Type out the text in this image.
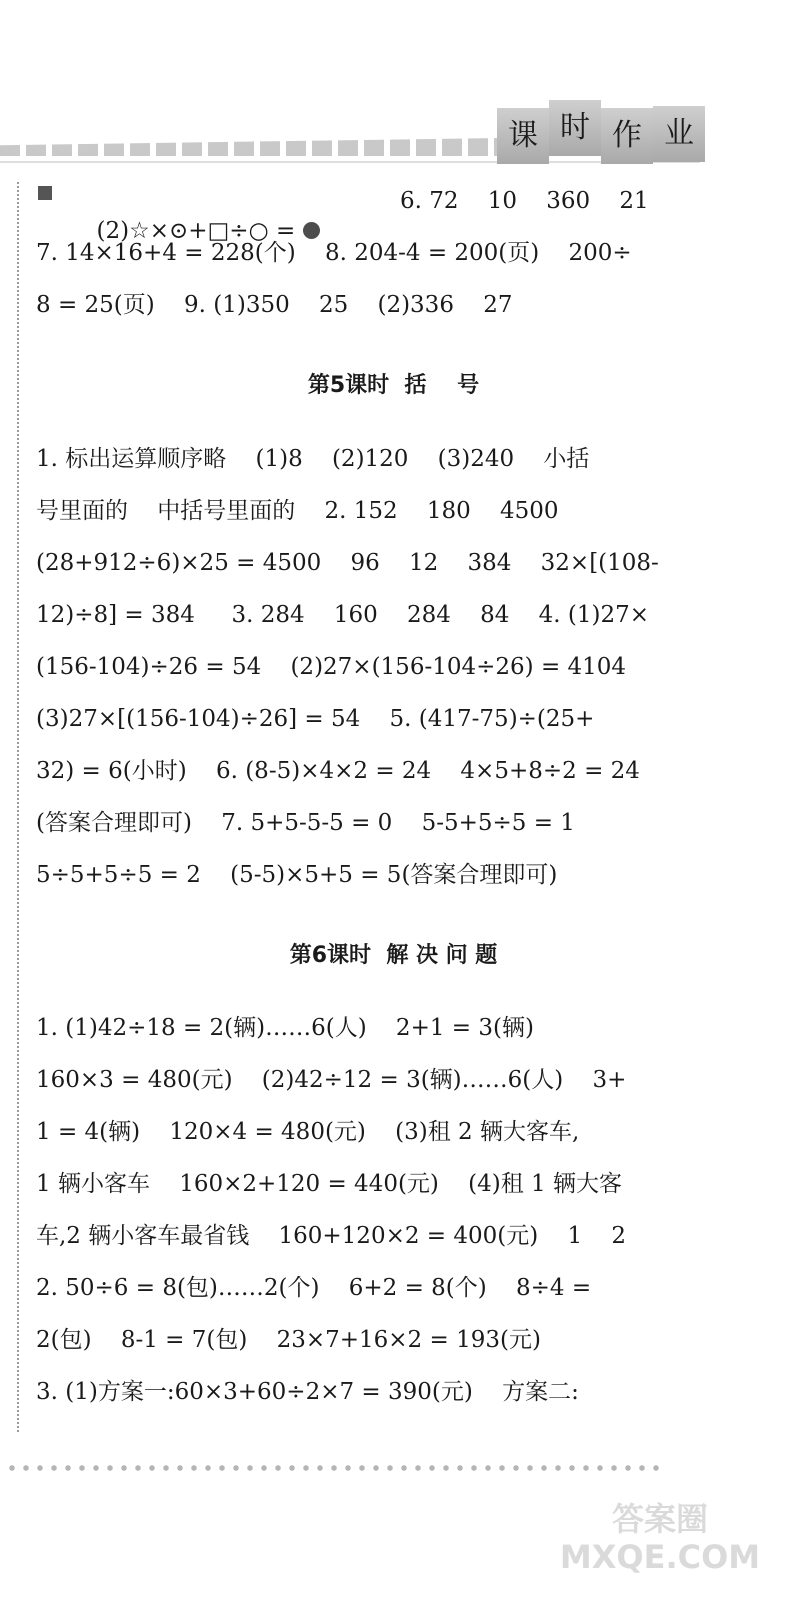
课 时 作 业

(2)☆×⊙+□÷○ =

6. 72    10    360    21
7. 14×16+4 = 228(个)    8. 204-4 = 200(页)    200÷
8 = 25(页)    9. (1)350    25    (2)336    27
第5课时  括    号
1. 标出运算顺序略    (1)8    (2)120    (3)240    小括
号里面的    中括号里面的    2. 152    180    4500
(28+912÷6)×25 = 4500    96    12    384    32×[(108-
12)÷8] = 384     3. 284    160    284    84    4. (1)27×
(156-104)÷26 = 54    (2)27×(156-104÷26) = 4104
(3)27×[(156-104)÷26] = 54    5. (417-75)÷(25+
32) = 6(小时)    6. (8-5)×4×2 = 24    4×5+8÷2 = 24
(答案合理即可)    7. 5+5-5-5 = 0    5-5+5÷5 = 1
5÷5+5÷5 = 2    (5-5)×5+5 = 5(答案合理即可)
第6课时  解 决 问 题
1. (1)42÷18 = 2(辆)……6(人)    2+1 = 3(辆)
160×3 = 480(元)    (2)42÷12 = 3(辆)……6(人)    3+
1 = 4(辆)    120×4 = 480(元)    (3)租 2 辆大客车,
1 辆小客车    160×2+120 = 440(元)    (4)租 1 辆大客
车,2 辆小客车最省钱    160+120×2 = 400(元)    1    2
2. 50÷6 = 8(包)……2(个)    6+2 = 8(个)    8÷4 =
2(包)    8-1 = 7(包)    23×7+16×2 = 193(元)
3. (1)方案一:60×3+60÷2×7 = 390(元)    方案二:
答案圈
MXQE.COM
